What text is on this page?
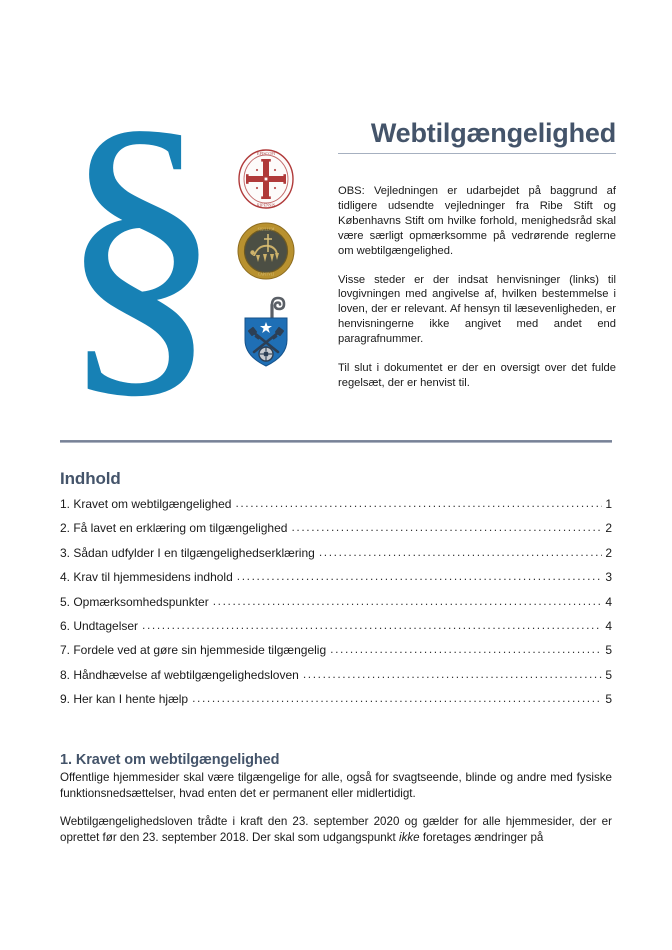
§	EPISCOPI
RIPENSIS
SIGILLVM
CAPITVLI
Webtilgængelighed

OBS: Vejledningen er udarbejdet på baggrund af tidligere udsendte vejledninger fra Ribe Stift og Københavns Stift om hvilke forhold, menighedsråd skal være særligt opmærksomme på vedrørende reglerne om webtilgængelighed.

Visse steder er der indsat henvisninger (links) til lovgivningen med angivelse af, hvilken bestemmelse i loven, der er relevant. Af hensyn til læsevenligheden, er henvisningerne ikke angivet med andet end paragrafnummer.

Til slut i dokumentet er der en oversigt over det fulde regelsæt, der er henvist til.

Indhold
1. Kravet om webtilgængelighed .....	1
2. Få lavet en erklæring om tilgængelighed .....	2
3. Sådan udfylder I en tilgængelighedserklæring .....	2
4. Krav til hjemmesidens indhold .....	3
5. Opmærksomhedspunkter .....	4
6. Undtagelser .....	4
7. Fordele ved at gøre sin hjemmeside tilgængelig .....	5
8. Håndhævelse af webtilgængelighedsloven .....	5
9. Her kan I hente hjælp .....	5
1. Kravet om webtilgængelighed

Offentlige hjemmesider skal være tilgængelige for alle, også for svagtseende, blinde og andre med fysiske funktionsnedsættelser, hvad enten det er permanent eller midlertidigt.

Webtilgængelighedsloven trådte i kraft den 23. september 2020 og gælder for alle hjemmesider, der er oprettet før den 23. september 2018. Der skal som udgangspunkt ikke foretages ændringer på
